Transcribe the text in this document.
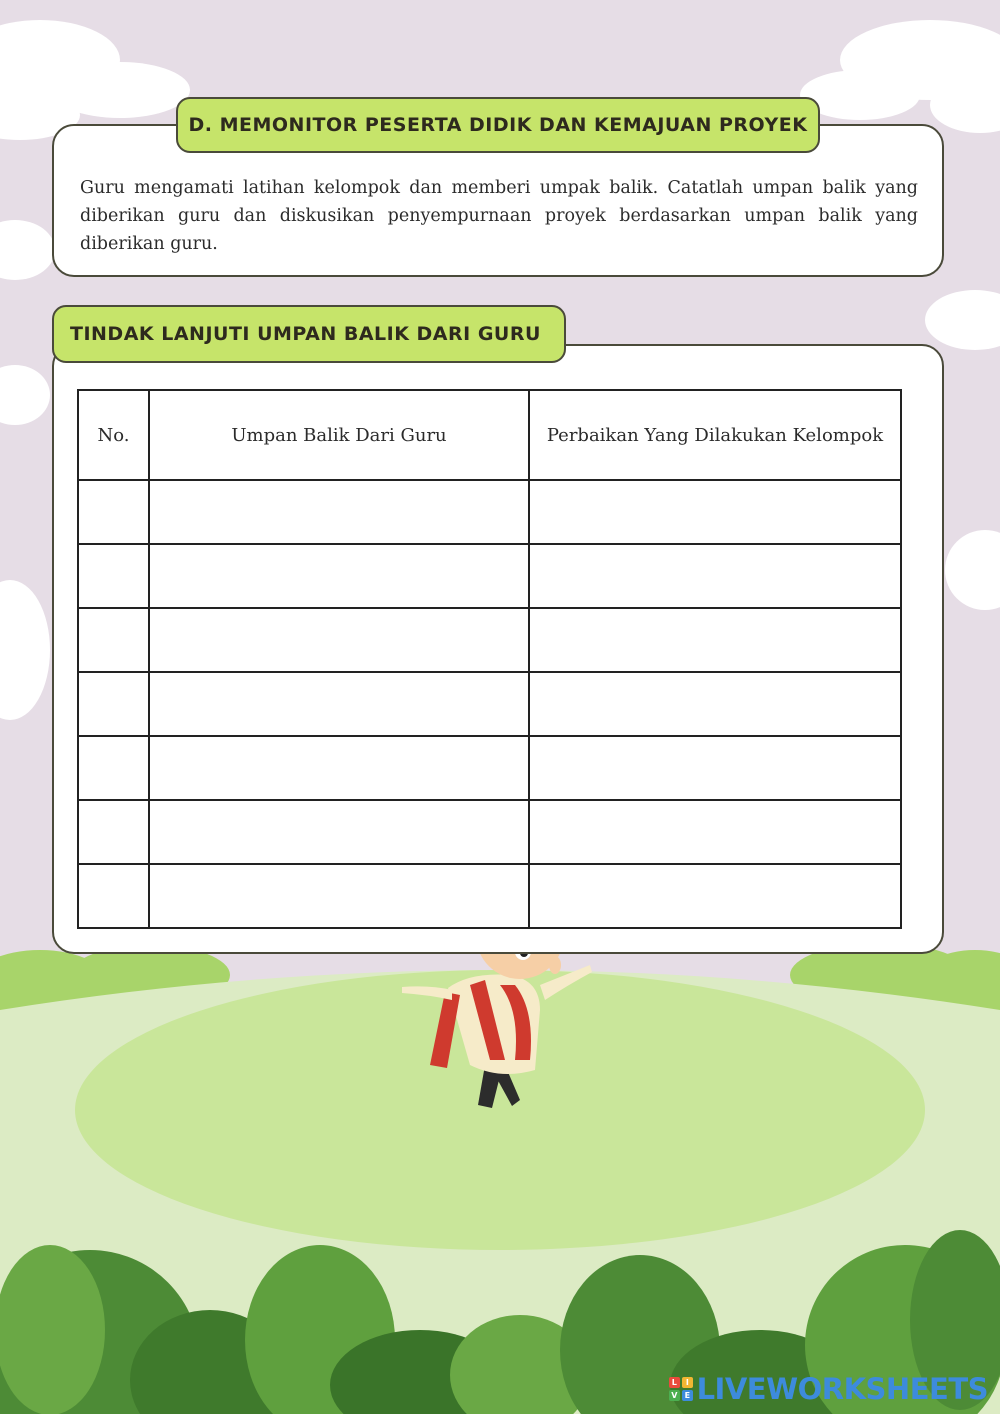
D. MEMONITOR PESERTA DIDIK DAN KEMAJUAN PROYEK

Guru mengamati latihan kelompok dan memberi umpak balik. Catatlah umpan balik yang diberikan guru dan diskusikan penyempurnaan proyek berdasarkan umpan balik yang diberikan guru.

TINDAK LANJUTI UMPAN BALIK DARI GURU
No.	Umpan Balik Dari Guru	Perbaikan Yang Dilakukan Kelompok

L	I
V E LIVEWORKSHEETS
